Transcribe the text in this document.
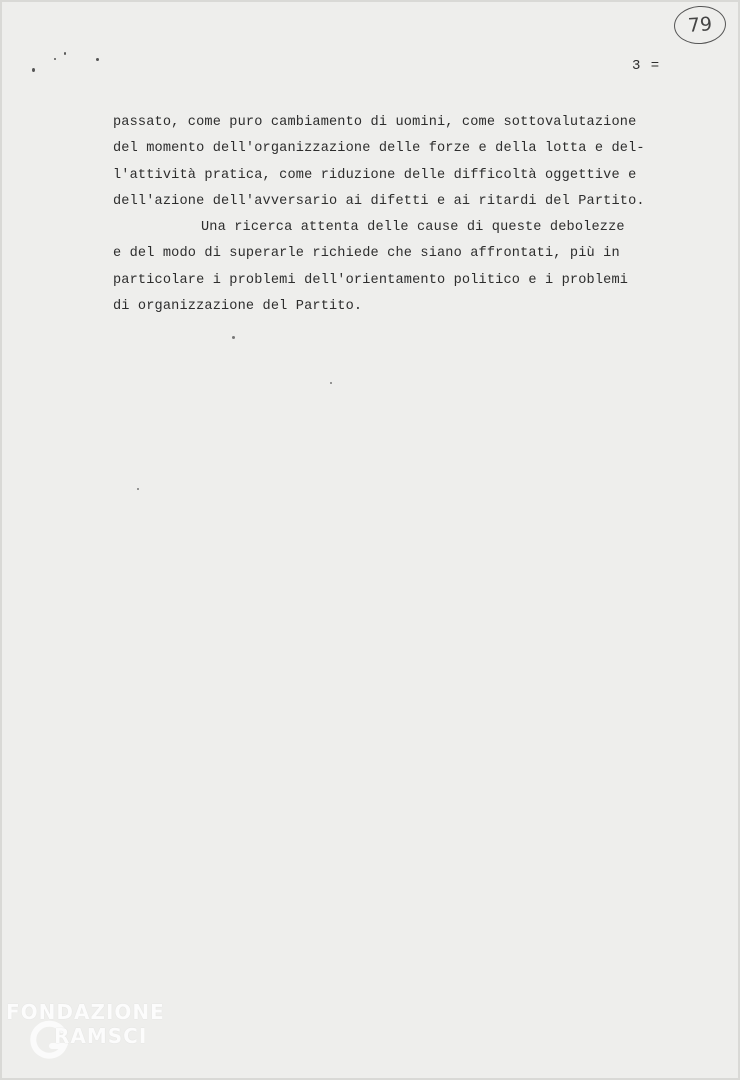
79
3 =
passato, come puro cambiamento di uomini, come sottovalutazione
del momento dell'organizzazione delle forze e della lotta e del-
l'attività pratica, come riduzione delle difficoltà oggettive e
dell'azione dell'avversario ai difetti e ai ritardi del Partito.
Una ricerca attenta delle cause di queste debolezze
e del modo di superarle richiede che siano affrontati, più in
particolare i problemi dell'orientamento politico e i problemi
di organizzazione del Partito.
FONDAZIONE
RAMSCI
